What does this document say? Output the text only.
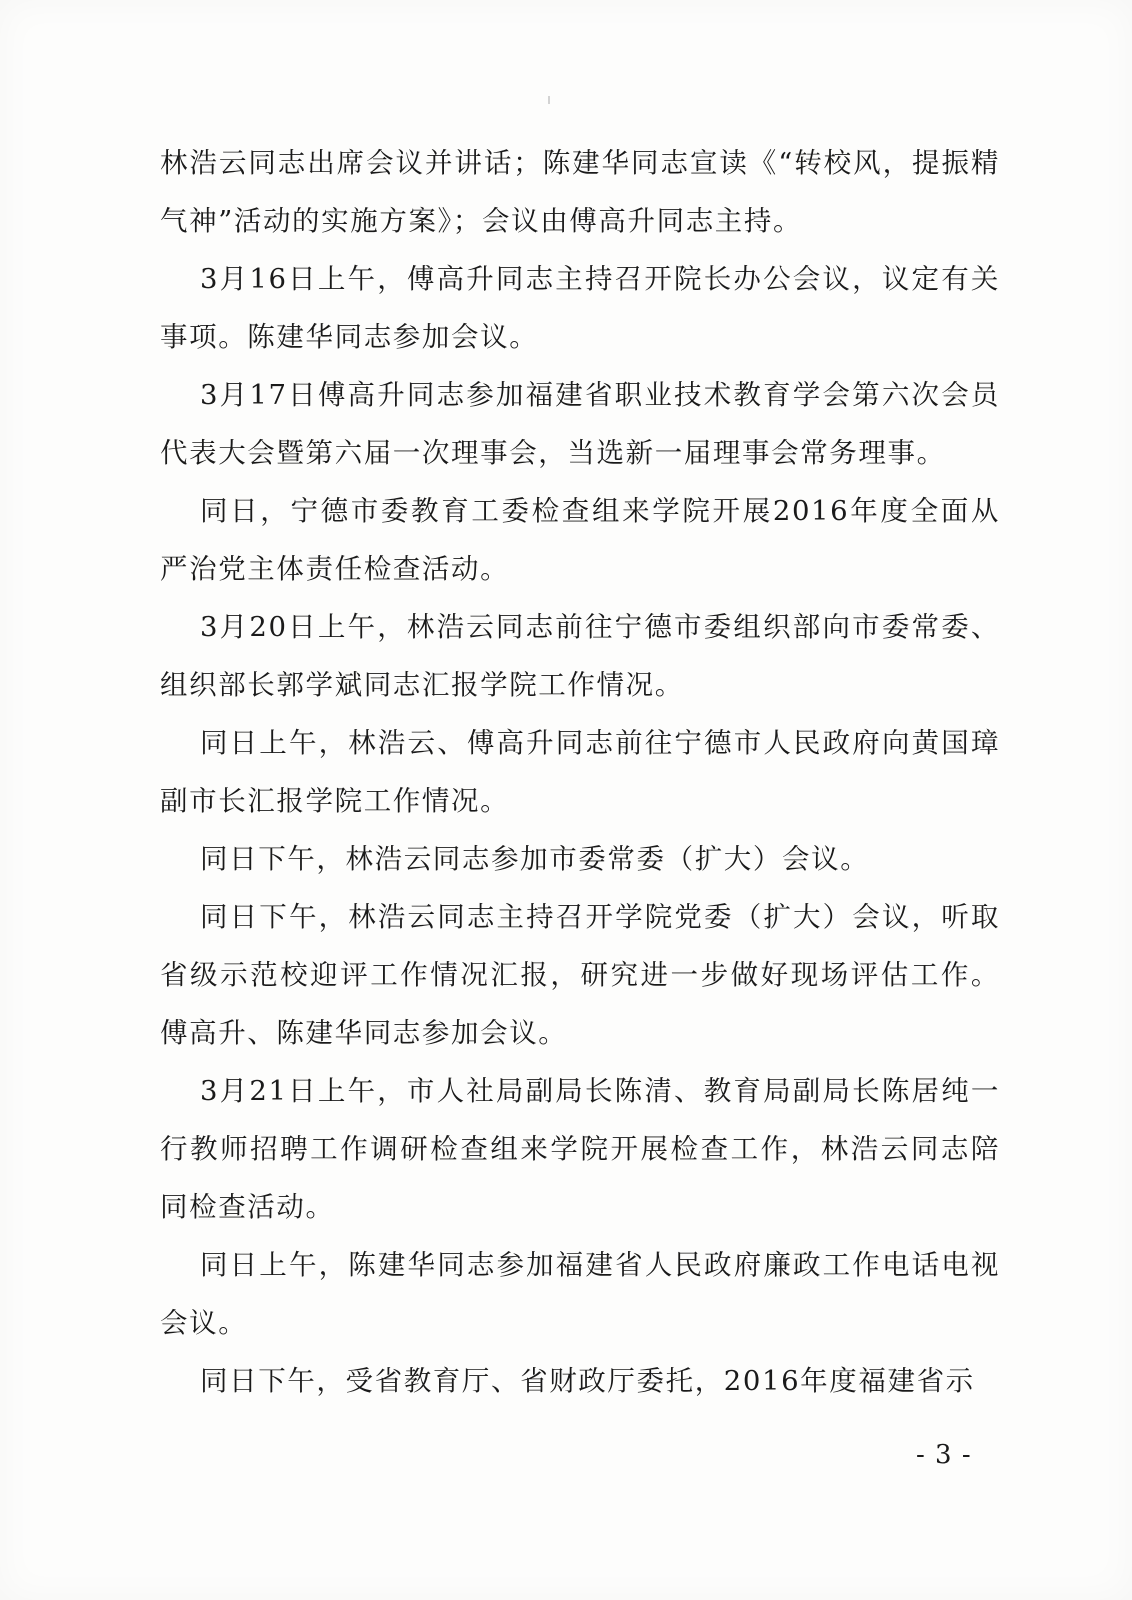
林浩云同志出席会议并讲话；陈建华同志宣读《“转校风，提振精气神”活动的实施方案》；会议由傅高升同志主持。

3月16日上午，傅高升同志主持召开院长办公会议，议定有关事项。陈建华同志参加会议。

3月17日傅高升同志参加福建省职业技术教育学会第六次会员代表大会暨第六届一次理事会，当选新一届理事会常务理事。

同日，宁德市委教育工委检查组来学院开展2016年度全面从严治党主体责任检查活动。

3月20日上午，林浩云同志前往宁德市委组织部向市委常委、组织部长郭学斌同志汇报学院工作情况。

同日上午，林浩云、傅高升同志前往宁德市人民政府向黄国璋副市长汇报学院工作情况。

同日下午，林浩云同志参加市委常委（扩大）会议。

同日下午，林浩云同志主持召开学院党委（扩大）会议，听取省级示范校迎评工作情况汇报，研究进一步做好现场评估工作。傅高升、陈建华同志参加会议。

3月21日上午，市人社局副局长陈清、教育局副局长陈居纯一行教师招聘工作调研检查组来学院开展检查工作，林浩云同志陪同检查活动。

同日上午，陈建华同志参加福建省人民政府廉政工作电话电视会议。

同日下午，受省教育厅、省财政厅委托，2016年度福建省示

- 3 -
